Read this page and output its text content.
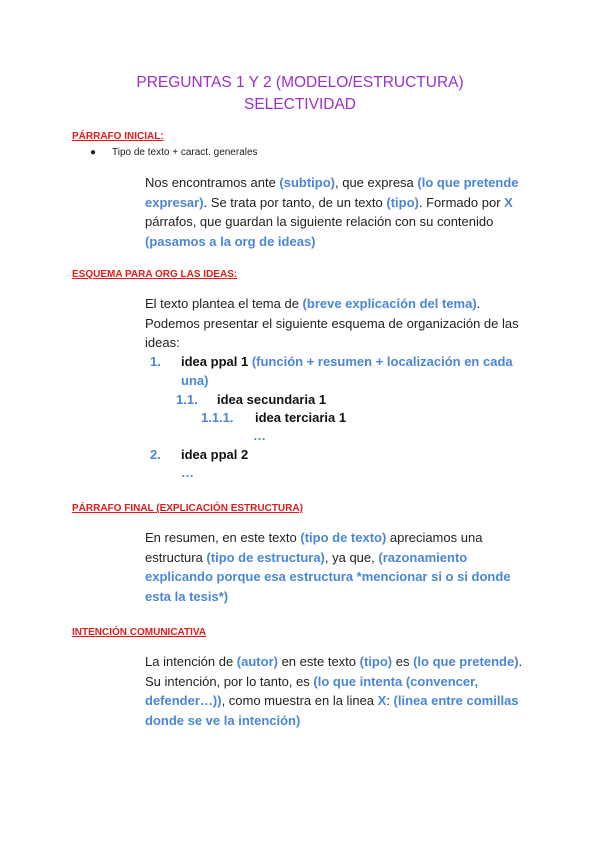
PREGUNTAS 1 Y 2 (MODELO/ESTRUCTURA)
SELECTIVIDAD
PÁRRAFO INICIAL:
● Tipo de texto + caract. generales
Nos encontramos ante (subtipo), que expresa (lo que pretende expresar). Se trata por tanto, de un texto (tipo). Formado por X párrafos, que guardan la siguiente relación con su contenido (pasamos a la org de ideas)
ESQUEMA PARA ORG LAS IDEAS:
El texto plantea el tema de (breve explicación del tema). Podemos presentar el siguiente esquema de organización de las ideas:
1. idea ppal 1 (función + resumen + localización en cada
una)
1.1. idea secundaria 1
1.1.1. idea terciaria 1
…
2. idea ppal 2
…
PÁRRAFO FINAL (EXPLICACIÓN ESTRUCTURA)
En resumen, en este texto (tipo de texto) apreciamos una estructura (tipo de estructura), ya que, (razonamiento explicando porque esa estructura *mencionar si o si donde esta la tesis*)
INTENCIÓN COMUNICATIVA
La intención de (autor) en este texto (tipo) es (lo que pretende). Su intención, por lo tanto, es (lo que intenta (convencer, defender…)), como muestra en la linea X: (linea entre comillas donde se ve la intención)
